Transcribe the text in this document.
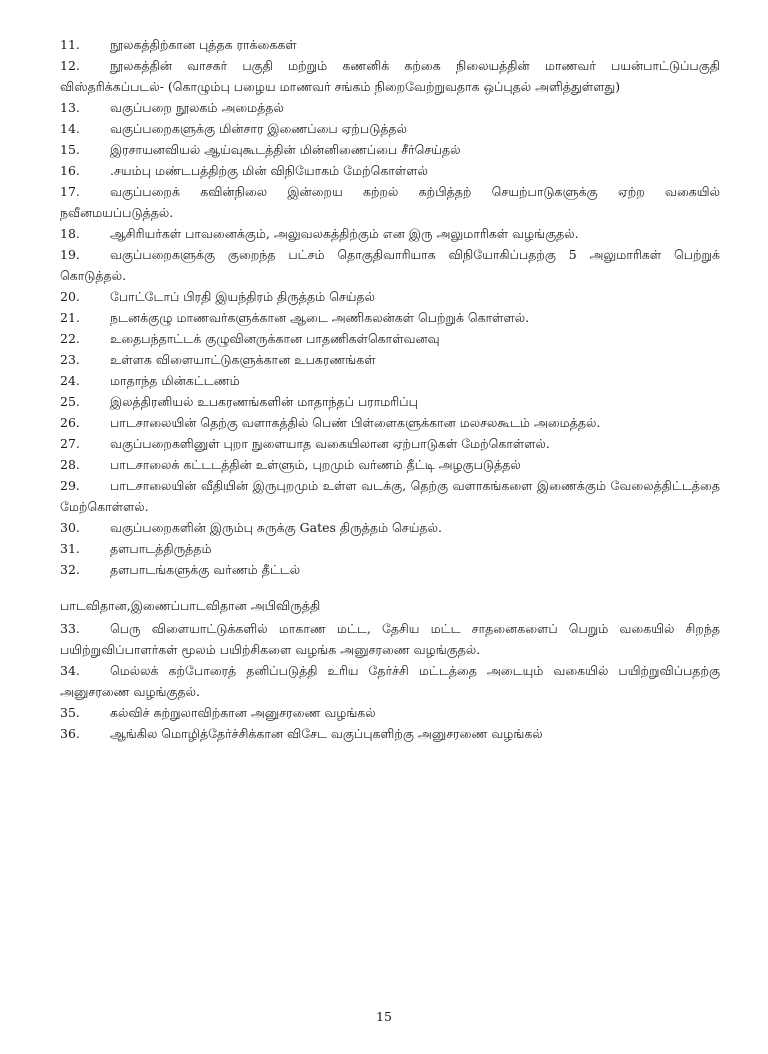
11.	நூலகத்திற்கான புத்தக ராக்கைகள்
12.	நூலகத்தின் வாசகர் பகுதி மற்றும் கணனிக் கற்கை நிலையத்தின் மாணவர் பயன்பாட்டுப்பகுதி விஸ்தரிக்கப்படல்- (கொழும்பு பழைய மாணவர் சங்கம் நிறைவேற்றுவதாக ஒப்புதல் அளித்துள்ளது)
13.	வகுப்பறை நூலகம் அமைத்தல்
14.	வகுப்பறைகளுக்கு மின்சார இணைப்பை ஏற்படுத்தல்
15.	இரசாயனவியல் ஆய்வுகூடத்தின் மின்னிணைப்பை சீர்செய்தல்
16.	.சயம்பு மண்டபத்திற்கு மின் விநியோகம் மேற்கொள்ளல்
17.	வகுப்பறைக் கவின்நிலை இன்றைய கற்றல் கற்பித்தற் செயற்பாடுகளுக்கு ஏற்ற வகையில் நவீனமயப்படுத்தல்.
18.	ஆசிரியர்கள் பாவனைக்கும், அலுவலகத்திற்கும் என இரு அலுமாரிகள் வழங்குதல்.
19.	வகுப்பறைகளுக்கு குறைந்த பட்சம் தொகுதிவாரியாக விநியோகிப்பதற்கு 5 அலுமாரிகள் பெற்றுக் கொடுத்தல்.
20.	போட்டோப் பிரதி இயந்திரம் திருத்தம் செய்தல்
21.	நடனக்குழு மாணவர்களுக்கான ஆடை அணிகலன்கள் பெற்றுக் கொள்ளல்.
22.	உதைபந்தாட்டக் குழுவினருக்கான பாதணிகள்கொள்வனவு
23.	உள்ளக விளையாட்டுகளுக்கான உபகரணங்கள்
24.	மாதாந்த மின்கட்டணம்
25.	இலத்திரனியல் உபகரணங்களின் மாதாந்தப் பராமரிப்பு
26.	பாடசாலையின் தெற்கு வளாகத்தில் பெண் பிள்ளைகளுக்கான மலசலகூடம் அமைத்தல்.
27.	வகுப்பறைகளினுள் புறா நுளையாத வகையிலான ஏற்பாடுகள் மேற்கொள்ளல்.
28.	பாடசாலைக் கட்டடத்தின் உள்ளும், புறமும் வர்ணம் தீட்டி அழகுபடுத்தல்
29.	பாடசாலையின் வீதியின் இருபுறமும் உள்ள வடக்கு, தெற்கு வளாகங்களை இணைக்கும் வேலைத்திட்டத்தை மேற்கொள்ளல்.
30.	வகுப்பறைகளின் இரும்பு சுருக்கு Gates திருத்தம் செய்தல்.
31.	தளபாடத்திருத்தம்
32.	தளபாடங்களுக்கு வர்ணம் தீட்டல்
பாடவிதான,இணைப்பாடவிதான அபிவிருத்தி
33.	பெரு விளையாட்டுக்களில் மாகாண மட்ட, தேசிய மட்ட சாதனைகளைப் பெறும் வகையில் சிறந்த பயிற்றுவிப்பாளர்கள் மூலம் பயிற்சிகளை வழங்க அனுசரணை வழங்குதல்.
34.	மெல்லக் கற்போரைத் தனிப்படுத்தி உரிய தேர்ச்சி மட்டத்தை அடையும் வகையில் பயிற்றுவிப்பதற்கு அனுசரணை வழங்குதல்.
35.	கல்விச் சுற்றுலாவிற்கான அனுசரணை வழங்கல்
36.	ஆங்கில மொழித்தேர்ச்சிக்கான விசேட வகுப்புகளிற்கு அனுசரணை வழங்கல்
15
